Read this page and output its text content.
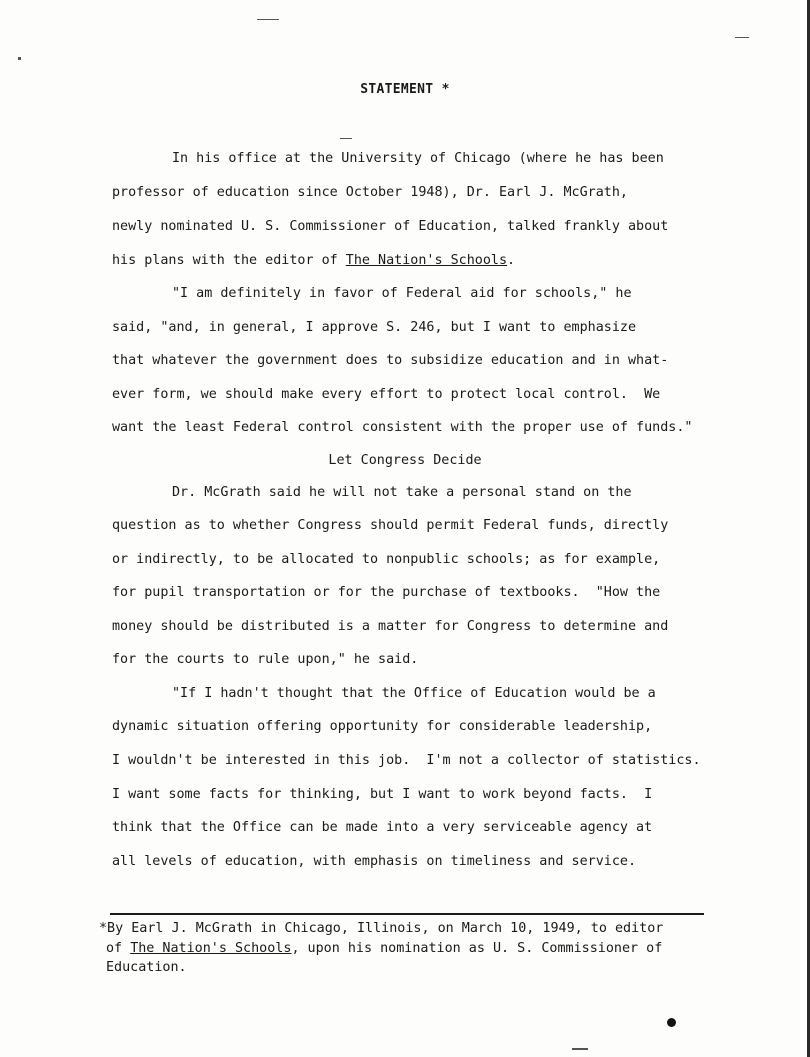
STATEMENT *
In his office at the University of Chicago (where he has been
professor of education since October 1948), Dr. Earl J. McGrath,
newly nominated U. S. Commissioner of Education, talked frankly about
his plans with the editor of The Nation's Schools.
"I am definitely in favor of Federal aid for schools," he
said, "and, in general, I approve S. 246, but I want to emphasize
that whatever the government does to subsidize education and in what-
ever form, we should make every effort to protect local control.  We
want the least Federal control consistent with the proper use of funds."
Let Congress Decide
Dr. McGrath said he will not take a personal stand on the
question as to whether Congress should permit Federal funds, directly
or indirectly, to be allocated to nonpublic schools; as for example,
for pupil transportation or for the purchase of textbooks.  "How the
money should be distributed is a matter for Congress to determine and
for the courts to rule upon," he said.
"If I hadn't thought that the Office of Education would be a
dynamic situation offering opportunity for considerable leadership,
I wouldn't be interested in this job.  I'm not a collector of statistics.
I want some facts for thinking, but I want to work beyond facts.  I
think that the Office can be made into a very serviceable agency at
all levels of education, with emphasis on timeliness and service.
*By Earl J. McGrath in Chicago, Illinois, on March 10, 1949, to editor
of The Nation's Schools, upon his nomination as U. S. Commissioner of
Education.
